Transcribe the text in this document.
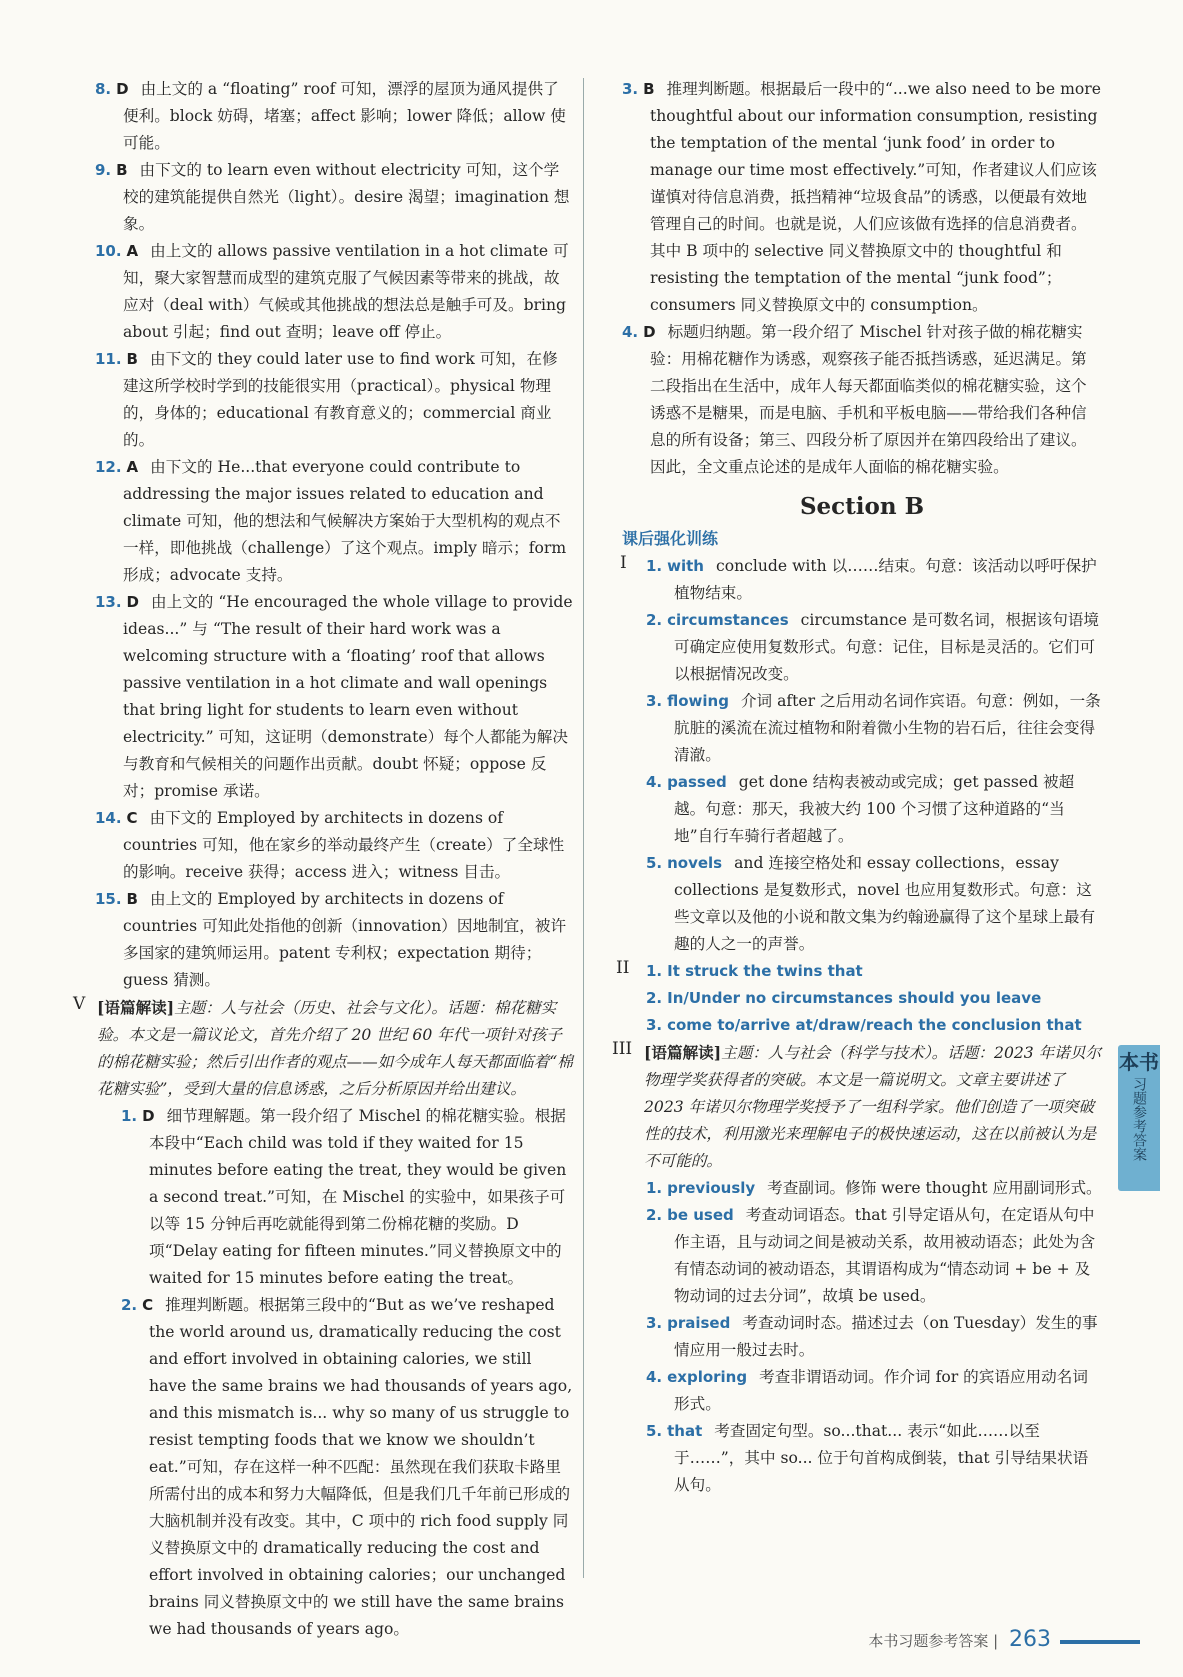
8. D 由上文的 a “floating” roof 可知，漂浮的屋顶为通风提供了便利。block 妨碍，堵塞；affect 影响；lower 降低；allow 使可能。
9. B 由下文的 to learn even without electricity 可知，这个学校的建筑能提供自然光（light）。desire 渴望；imagination 想象。
10. A 由上文的 allows passive ventilation in a hot climate 可知，聚大家智慧而成型的建筑克服了气候因素等带来的挑战，故应对（deal with）气候或其他挑战的想法总是触手可及。bring about 引起；find out 查明；leave off 停止。
11. B 由下文的 they could later use to find work 可知，在修建这所学校时学到的技能很实用（practical）。physical 物理的，身体的；educational 有教育意义的；commercial 商业的。
12. A 由下文的 He...that everyone could contribute to addressing the major issues related to education and climate 可知，他的想法和气候解决方案始于大型机构的观点不一样，即他挑战（challenge）了这个观点。imply 暗示；form 形成；advocate 支持。
13. D 由上文的 “He encouraged the whole village to provide ideas...” 与 “The result of their hard work was a welcoming structure with a ‘floating’ roof that allows passive ventilation in a hot climate and wall openings that bring light for students to learn even without electricity.” 可知，这证明（demonstrate）每个人都能为解决与教育和气候相关的问题作出贡献。doubt 怀疑；oppose 反对；promise 承诺。
14. C 由下文的 Employed by architects in dozens of countries 可知，他在家乡的举动最终产生（create）了全球性的影响。receive 获得；access 进入；witness 目击。
15. B 由上文的 Employed by architects in dozens of countries 可知此处指他的创新（innovation）因地制宜，被许多国家的建筑师运用。patent 专利权；expectation 期待；guess 猜测。
V [语篇解读]主题：人与社会（历史、社会与文化）。话题：棉花糖实验。本文是一篇议论文，首先介绍了 20 世纪 60 年代一项针对孩子的棉花糖实验；然后引出作者的观点——如今成年人每天都面临着“棉花糖实验”，受到大量的信息诱惑，之后分析原因并给出建议。
1. D 细节理解题。第一段介绍了 Mischel 的棉花糖实验。根据本段中“Each child was told if they waited for 15 minutes before eating the treat, they would be given a second treat.”可知，在 Mischel 的实验中，如果孩子可以等 15 分钟后再吃就能得到第二份棉花糖的奖励。D 项“Delay eating for fifteen minutes.”同义替换原文中的 waited for 15 minutes before eating the treat。
2. C 推理判断题。根据第三段中的“But as we’ve reshaped the world around us, dramatically reducing the cost and effort involved in obtaining calories, we still have the same brains we had thousands of years ago, and this mismatch is... why so many of us struggle to resist tempting foods that we know we shouldn’t eat.”可知，存在这样一种不匹配：虽然现在我们获取卡路里所需付出的成本和努力大幅降低，但是我们几千年前已形成的大脑机制并没有改变。其中，C 项中的 rich food supply 同义替换原文中的 dramatically reducing the cost and effort involved in obtaining calories；our unchanged brains 同义替换原文中的 we still have the same brains we had thousands of years ago。
3. B 推理判断题。根据最后一段中的“...we also need to be more thoughtful about our information consumption, resisting the temptation of the mental ‘junk food’ in order to manage our time most effectively.”可知，作者建议人们应该谨慎对待信息消费，抵挡精神“垃圾食品”的诱惑，以便最有效地管理自己的时间。也就是说，人们应该做有选择的信息消费者。其中 B 项中的 selective 同义替换原文中的 thoughtful 和 resisting the temptation of the mental “junk food”；consumers 同义替换原文中的 consumption。
4. D 标题归纳题。第一段介绍了 Mischel 针对孩子做的棉花糖实验：用棉花糖作为诱惑，观察孩子能否抵挡诱惑，延迟满足。第二段指出在生活中，成年人每天都面临类似的棉花糖实验，这个诱惑不是糖果，而是电脑、手机和平板电脑——带给我们各种信息的所有设备；第三、四段分析了原因并在第四段给出了建议。因此，全文重点论述的是成年人面临的棉花糖实验。
Section B
课后强化训练
I 1. with conclude with 以……结束。句意：该活动以呼吁保护植物结束。
2. circumstances circumstance 是可数名词，根据该句语境可确定应使用复数形式。句意：记住，目标是灵活的。它们可以根据情况改变。
3. flowing 介词 after 之后用动名词作宾语。句意：例如，一条肮脏的溪流在流过植物和附着微小生物的岩石后，往往会变得清澈。
4. passed get done 结构表被动或完成；get passed 被超越。句意：那天，我被大约 100 个习惯了这种道路的“当地”自行车骑行者超越了。
5. novels and 连接空格处和 essay collections，essay collections 是复数形式，novel 也应用复数形式。句意：这些文章以及他的小说和散文集为约翰逊赢得了这个星球上最有趣的人之一的声誉。
II 1. It struck the twins that
2. In/Under no circumstances should you leave
3. come to/arrive at/draw/reach the conclusion that
III [语篇解读]主题：人与社会（科学与技术）。话题：2023 年诺贝尔物理学奖获得者的突破。本文是一篇说明文。文章主要讲述了 2023 年诺贝尔物理学奖授予了一组科学家。他们创造了一项突破性的技术，利用激光来理解电子的极快速运动，这在以前被认为是不可能的。
1. previously 考查副词。修饰 were thought 应用副词形式。
2. be used 考查动词语态。that 引导定语从句，在定语从句中作主语，且与动词之间是被动关系，故用被动语态；此处为含有情态动词的被动语态，其谓语构成为“情态动词 + be + 及物动词的过去分词”，故填 be used。
3. praised 考查动词时态。描述过去（on Tuesday）发生的事情应用一般过去时。
4. exploring 考查非谓语动词。作介词 for 的宾语应用动名词形式。
5. that 考查固定句型。so...that... 表示“如此……以至于……”，其中 so... 位于句首构成倒装，that 引导结果状语从句。
本书
习题参考答案
本书习题参考答案 | 263
